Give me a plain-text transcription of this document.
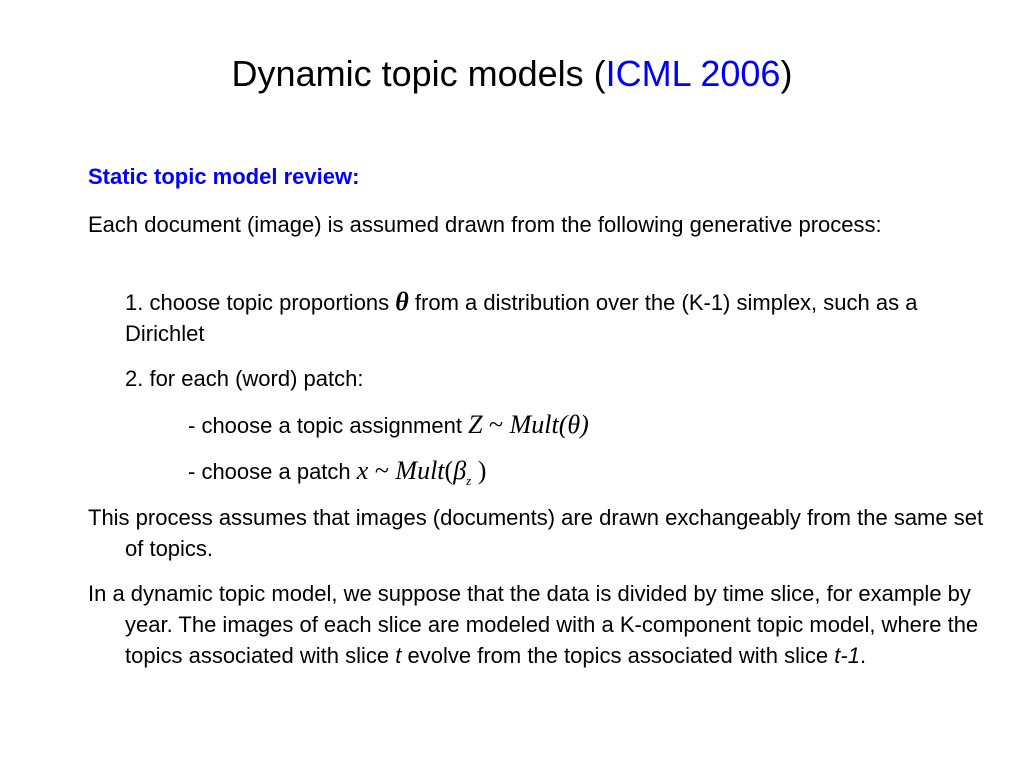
Dynamic topic models (ICML 2006)
Static topic model review:
Each document (image) is assumed drawn from the following generative process:
1. choose topic proportions θ from a distribution over the (K-1) simplex, such as a Dirichlet
2. for each (word) patch:
- choose a topic assignment Z ~ Mult(θ)
- choose a patch x ~ $Mult(\beta_z$ )
This process assumes that images (documents) are drawn exchangeably from the same set of topics.
In a dynamic topic model, we suppose that the data is divided by time slice, for example by year. The images of each slice are modeled with a K-component topic model, where the topics associated with slice t evolve from the topics associated with slice t-1.
